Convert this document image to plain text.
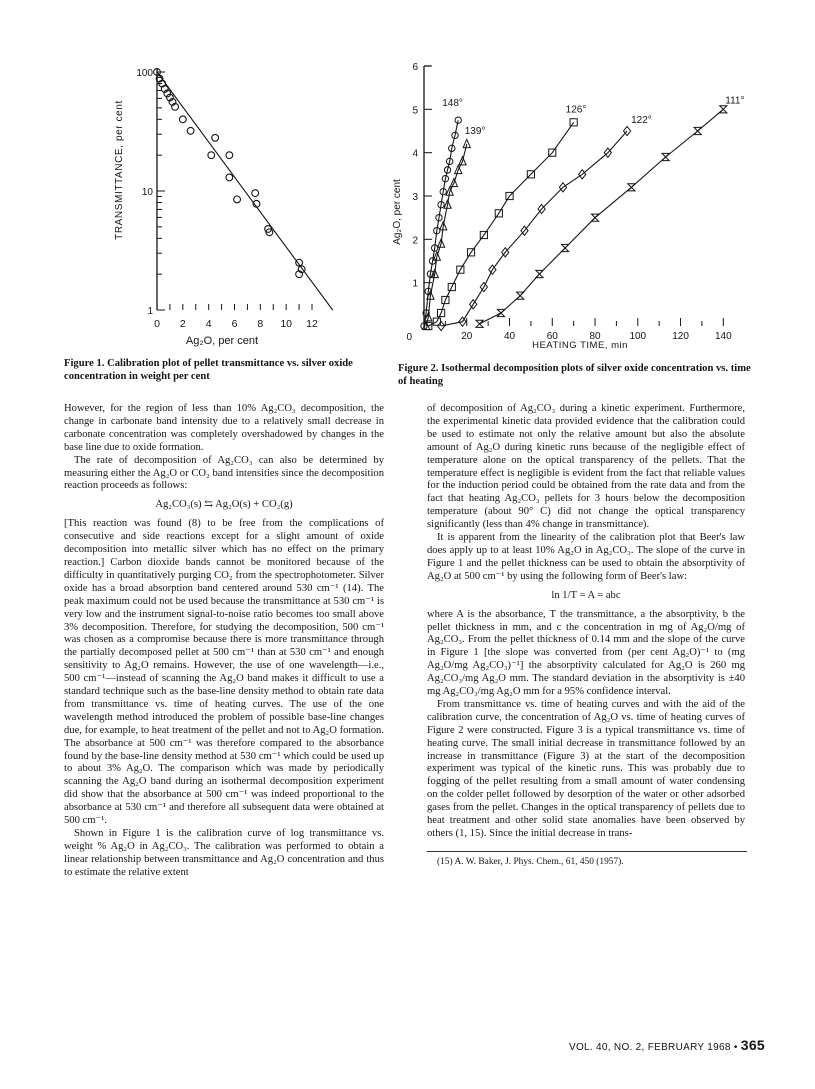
100
10
1
0 2 4 6 8 10 12
TRANSMITTANCE, per cent
Ag₂O, per cent	0
1
2
3
4
5
6
20	40	60	80	100	120	140
148°
139°
126°
122°
111°
Ag₂O, per cent
HEATING TIME, min
Figure 1. Calibration plot of pellet transmittance vs. silver oxide concentration in weight per cent
Figure 2. Isothermal decomposition plots of silver oxide concentration vs. time of heating

However, for the region of less than 10% Ag₂CO₃ decomposition, the change in carbonate band intensity due to a relatively small decrease in carbonate concentration was completely overshadowed by changes in the base line due to oxide formation.

The rate of decomposition of Ag₂CO₃ can also be determined by measuring either the Ag₂O or CO₂ band intensities since the decomposition reaction proceeds as follows:

Ag₂CO₃(s) ⇆ Ag₂O(s) + CO₂(g)

[This reaction was found (8) to be free from the complications of consecutive and side reactions except for a slight amount of oxide decomposition into metallic silver which has no effect on the primary reaction.] Carbon dioxide bands cannot be monitored because of the difficulty in quantitatively purging CO₂ from the spectrophotometer. Silver oxide has a broad absorption band centered around 530 cm⁻¹ (14). The peak maximum could not be used because the transmittance at 530 cm⁻¹ is very low and the instrument signal-to-noise ratio becomes too small above 3% decomposition. Therefore, for studying the decomposition, 500 cm⁻¹ was chosen as a compromise because there is more transmittance through the partially decomposed pellet at 500 cm⁻¹ than at 530 cm⁻¹ and enough sensitivity to Ag₂O remains. However, the use of one wavelength—i.e., 500 cm⁻¹—instead of scanning the Ag₂O band makes it difficult to use a standard technique such as the base-line density method to obtain rate data from transmittance vs. time of heating curves. The use of the one wavelength method introduced the problem of possible base-line changes due, for example, to heat treatment of the pellet and not to Ag₂O formation. The absorbance at 500 cm⁻¹ was therefore compared to the absorbance found by the base-line density method at 530 cm⁻¹ which could be used up to about 3% Ag₂O. The comparison which was made by periodically scanning the Ag₂O band during an isothermal decomposition experiment did show that the absorbance at 500 cm⁻¹ was indeed proportional to the absorbance at 530 cm⁻¹ and therefore all subsequent data were obtained at 500 cm⁻¹.

Shown in Figure 1 is the calibration curve of log transmittance vs. weight % Ag₂O in Ag₂CO₃. The calibration was performed to obtain a linear relationship between transmittance and Ag₂O concentration and thus to estimate the relative extent

of decomposition of Ag₂CO₃ during a kinetic experiment. Furthermore, the experimental kinetic data provided evidence that the calibration could be used to estimate not only the relative amount but also the absolute amount of Ag₂O during kinetic runs because of the negligible effect of temperature alone on the optical transparency of the pellets. That the temperature effect is negligible is evident from the fact that reliable values for the induction period could be obtained from the rate data and from the fact that heating Ag₂CO₃ pellets for 3 hours below the decomposition temperature (about 90° C) did not change the optical transparency significantly (less than 4% change in transmittance).

It is apparent from the linearity of the calibration plot that Beer's law does apply up to at least 10% Ag₂O in Ag₂CO₃. The slope of the curve in Figure 1 and the pellet thickness can be used to obtain the absorptivity of Ag₂O at 500 cm⁻¹ by using the following form of Beer's law:

ln 1/T = A = abc

where A is the absorbance, T the transmittance, a the absorptivity, b the pellet thickness in mm, and c the concentration in mg of Ag₂O/mg of Ag₂CO₃. From the pellet thickness of 0.14 mm and the slope of the curve in Figure 1 [the slope was converted from (per cent Ag₂O)⁻¹ to (mg Ag₂O/mg Ag₂CO₃)⁻¹] the absorptivity calculated for Ag₂O is 260 mg Ag₂CO₃/mg Ag₂O mm. The standard deviation in the absorptivity is ±40 mg Ag₂CO₃/mg Ag₂O mm for a 95% confidence interval.

From transmittance vs. time of heating curves and with the aid of the calibration curve, the concentration of Ag₂O vs. time of heating curves of Figure 2 were constructed. Figure 3 is a typical transmittance vs. time of heating curve. The small initial decrease in transmittance followed by an increase in transmittance (Figure 3) at the start of the decomposition experiment was typical of the kinetic runs. This was probably due to fogging of the pellet resulting from a small amount of water condensing on the colder pellet followed by desorption of the water or other adsorbed gases from the pellet. Changes in the optical transparency of pellets due to heat treatment and other solid state anomalies have been observed by others (1, 15). Since the initial decrease in trans-

(15) A. W. Baker, J. Phys. Chem., 61, 450 (1957).

VOL. 40, NO. 2, FEBRUARY 1968 • 365
